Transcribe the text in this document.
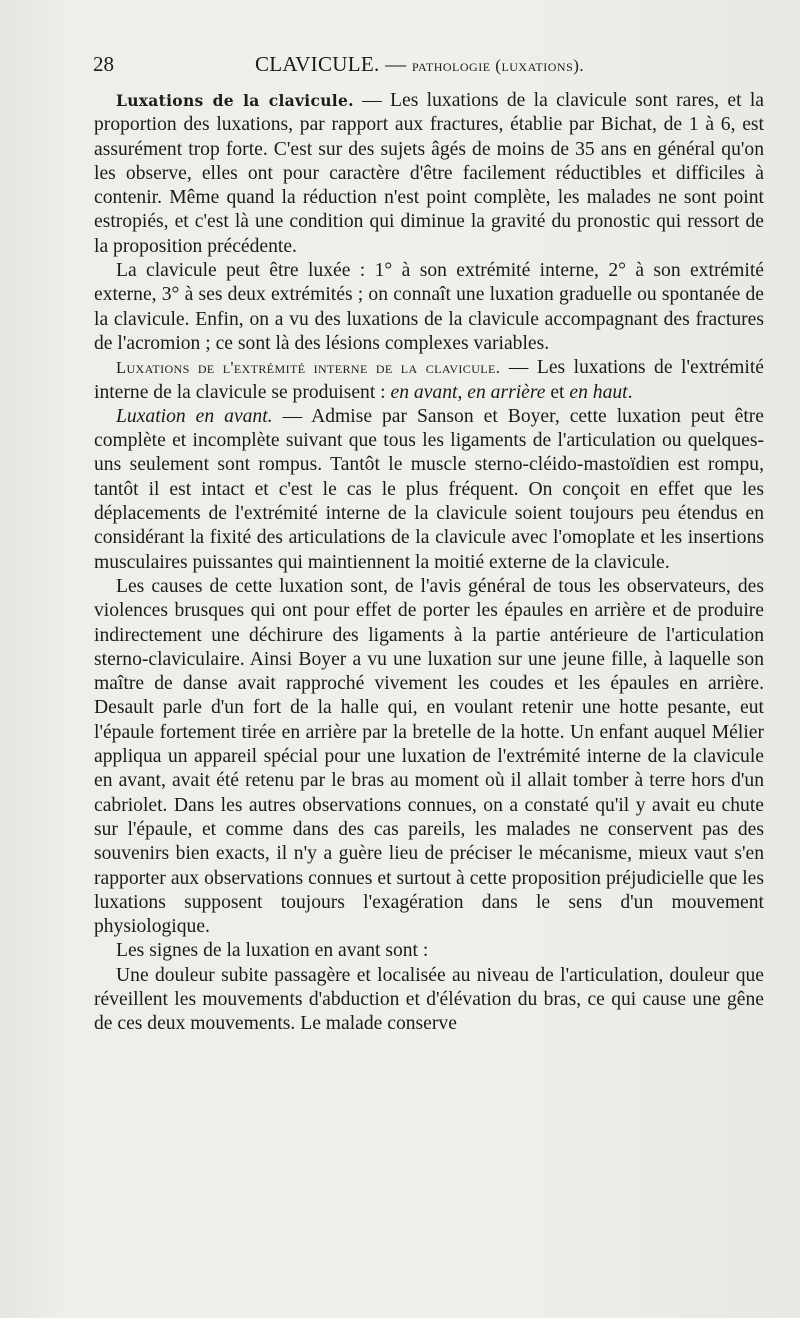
28	CLAVICULE. — pathologie (luxations).

Luxations de la clavicule. — Les luxations de la clavicule sont rares, et la proportion des luxations, par rapport aux fractures, établie par Bichat, de 1 à 6, est assurément trop forte. C'est sur des sujets âgés de moins de 35 ans en général qu'on les observe, elles ont pour caractère d'être facilement réductibles et difficiles à contenir. Même quand la réduction n'est point complète, les malades ne sont point estropiés, et c'est là une condition qui diminue la gravité du pronostic qui ressort de la proposition précédente.

La clavicule peut être luxée : 1° à son extrémité interne, 2° à son extrémité externe, 3° à ses deux extrémités ; on connaît une luxation graduelle ou spontanée de la clavicule. Enfin, on a vu des luxations de la clavicule accompagnant des fractures de l'acromion ; ce sont là des lésions complexes variables.

Luxations de l'extrémité interne de la clavicule. — Les luxations de l'extrémité interne de la clavicule se produisent : en avant, en arrière et en haut.

Luxation en avant. — Admise par Sanson et Boyer, cette luxation peut être complète et incomplète suivant que tous les ligaments de l'articulation ou quelques-uns seulement sont rompus. Tantôt le muscle sterno-cléido-mastoïdien est rompu, tantôt il est intact et c'est le cas le plus fréquent. On conçoit en effet que les déplacements de l'extrémité interne de la clavicule soient toujours peu étendus en considérant la fixité des articulations de la clavicule avec l'omoplate et les insertions musculaires puissantes qui maintiennent la moitié externe de la clavicule.

Les causes de cette luxation sont, de l'avis général de tous les observateurs, des violences brusques qui ont pour effet de porter les épaules en arrière et de produire indirectement une déchirure des ligaments à la partie antérieure de l'articulation sterno-claviculaire. Ainsi Boyer a vu une luxation sur une jeune fille, à laquelle son maître de danse avait rapproché vivement les coudes et les épaules en arrière. Desault parle d'un fort de la halle qui, en voulant retenir une hotte pesante, eut l'épaule fortement tirée en arrière par la bretelle de la hotte. Un enfant auquel Mélier appliqua un appareil spécial pour une luxation de l'extrémité interne de la clavicule en avant, avait été retenu par le bras au moment où il allait tomber à terre hors d'un cabriolet. Dans les autres observations connues, on a constaté qu'il y avait eu chute sur l'épaule, et comme dans des cas pareils, les malades ne conservent pas des souvenirs bien exacts, il n'y a guère lieu de préciser le mécanisme, mieux vaut s'en rapporter aux observations connues et surtout à cette proposition préjudicielle que les luxations supposent toujours l'exagération dans le sens d'un mouvement physiologique.

Les signes de la luxation en avant sont :

Une douleur subite passagère et localisée au niveau de l'articulation, douleur que réveillent les mouvements d'abduction et d'élévation du bras, ce qui cause une gêne de ces deux mouvements. Le malade conserve
